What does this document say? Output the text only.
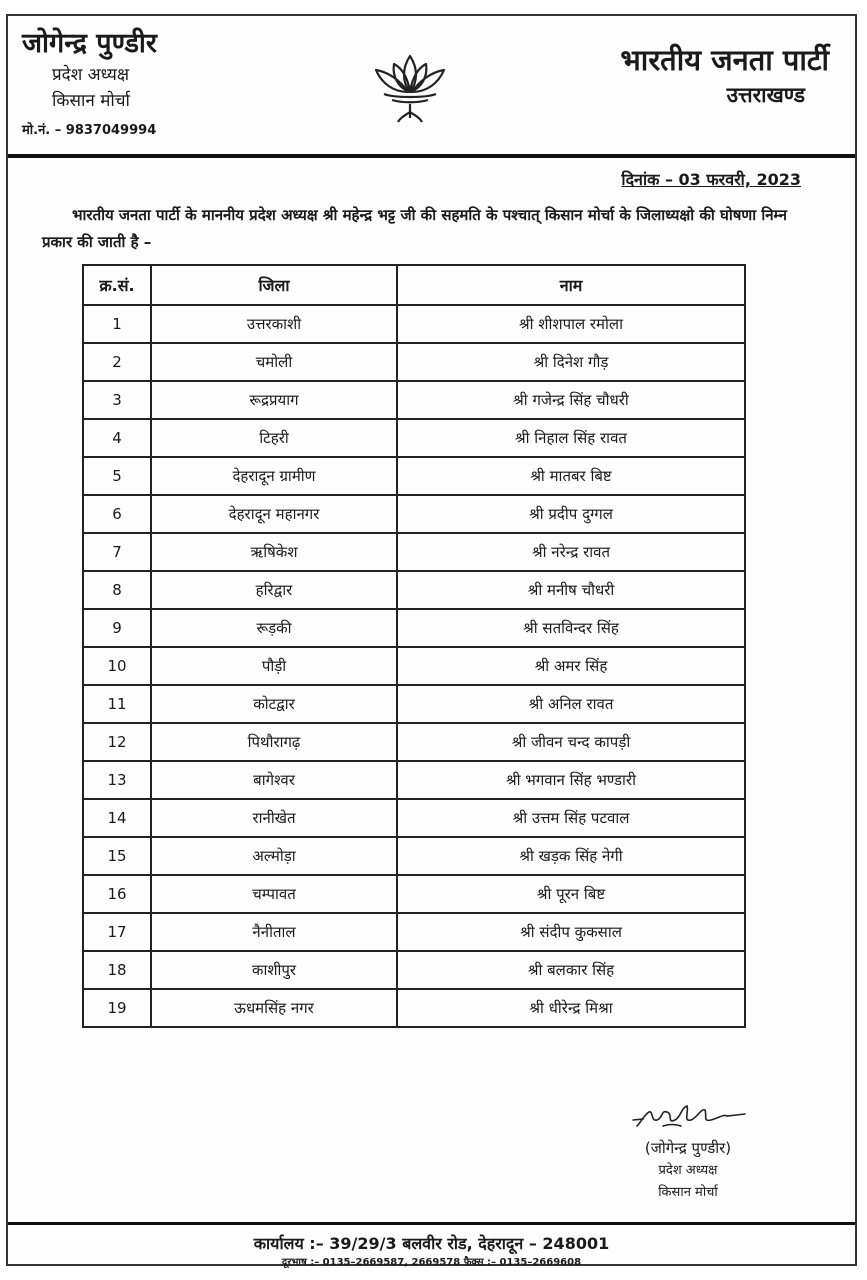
जोगेन्द्र पुण्डीर
प्रदेश अध्यक्ष
किसान मोर्चा
मो.नं. – 9837049994
भारतीय जनता पार्टी
उत्तराखण्ड
दिनांक – 03 फरवरी, 2023
भारतीय जनता पार्टी के माननीय प्रदेश अध्यक्ष श्री महेन्द्र भट्ट जी की सहमति के पश्चात् किसान मोर्चा के जिलाध्यक्षो की घोषणा निम्न प्रकार की जाती है –
क्र.सं.	जिला	नाम
1	उत्तरकाशी	श्री शीशपाल रमोला
2	चमोली	श्री दिनेश गौड़
3	रूद्रप्रयाग	श्री गजेन्द्र सिंह चौधरी
4	टिहरी	श्री निहाल सिंह रावत
5	देहरादून ग्रामीण	श्री मातबर बिष्ट
6	देहरादून महानगर	श्री प्रदीप दुग्गल
7	ऋषिकेश	श्री नरेन्द्र रावत
8	हरिद्वार	श्री मनीष चौधरी
9	रूड़की	श्री सतविन्दर सिंह
10	पौड़ी	श्री अमर सिंह
11	कोटद्वार	श्री अनिल रावत
12	पिथौरागढ़	श्री जीवन चन्द कापड़ी
13	बागेश्वर	श्री भगवान सिंह भण्डारी
14	रानीखेत	श्री उत्तम सिंह पटवाल
15	अल्मोड़ा	श्री खड़क सिंह नेगी
16	चम्पावत	श्री पूरन बिष्ट
17	नैनीताल	श्री संदीप कुकसाल
18	काशीपुर	श्री बलकार सिंह
19	ऊधमसिंह नगर	श्री धीरेन्द्र मिश्रा
(जोगेन्द्र पुण्डीर)
प्रदेश अध्यक्ष
किसान मोर्चा
कार्यालय :– 39/29/3 बलवीर रोड, देहरादून – 248001
दूरभाष :– 0135–2669587, 2669578 फैक्स :– 0135–2669608
